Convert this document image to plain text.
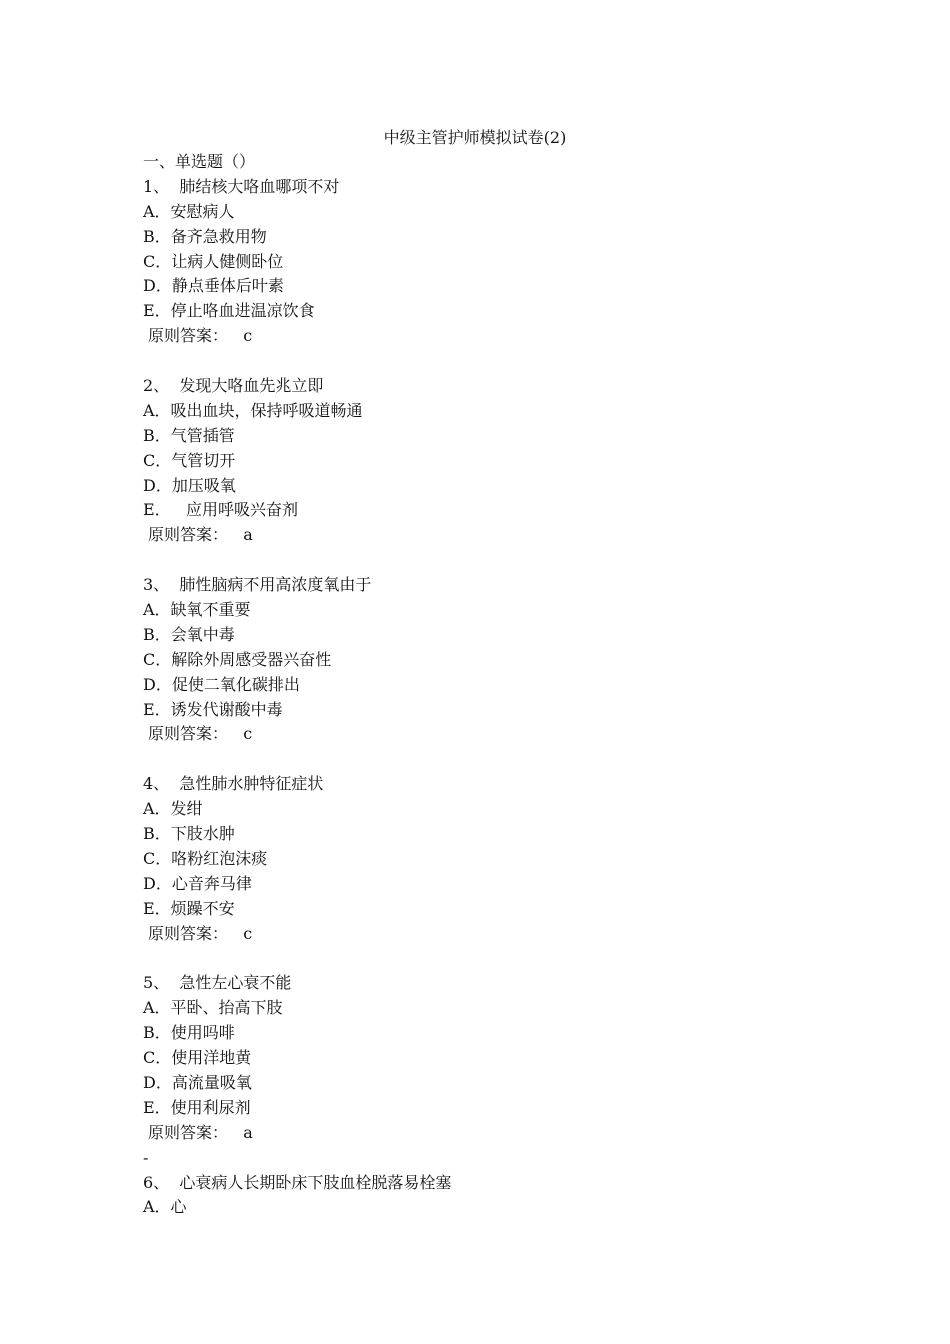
中级主管护师模拟试卷(2)
一、单选题（）
1、  肺结核大咯血哪项不对
A．安慰病人
B．备齐急救用物
C．让病人健侧卧位
D．静点垂体后叶素
E．停止咯血进温凉饮食
原则答案：   c
2、  发现大咯血先兆立即
A．吸出血块，保持呼吸道畅通
B．气管插管
C．气管切开
D．加压吸氧
E．   应用呼吸兴奋剂
原则答案：   a
3、  肺性脑病不用高浓度氧由于
A．缺氧不重要
B．会氧中毒
C．解除外周感受器兴奋性
D．促使二氧化碳排出
E．诱发代谢酸中毒
原则答案：   c
4、  急性肺水肿特征症状
A．发绀
B．下肢水肿
C．咯粉红泡沫痰
D．心音奔马律
E．烦躁不安
原则答案：   c
5、  急性左心衰不能
A．平卧、抬高下肢
B．使用吗啡
C．使用洋地黄
D．高流量吸氧
E．使用利尿剂
原则答案：   a
-
6、  心衰病人长期卧床下肢血栓脱落易栓塞
A．心
